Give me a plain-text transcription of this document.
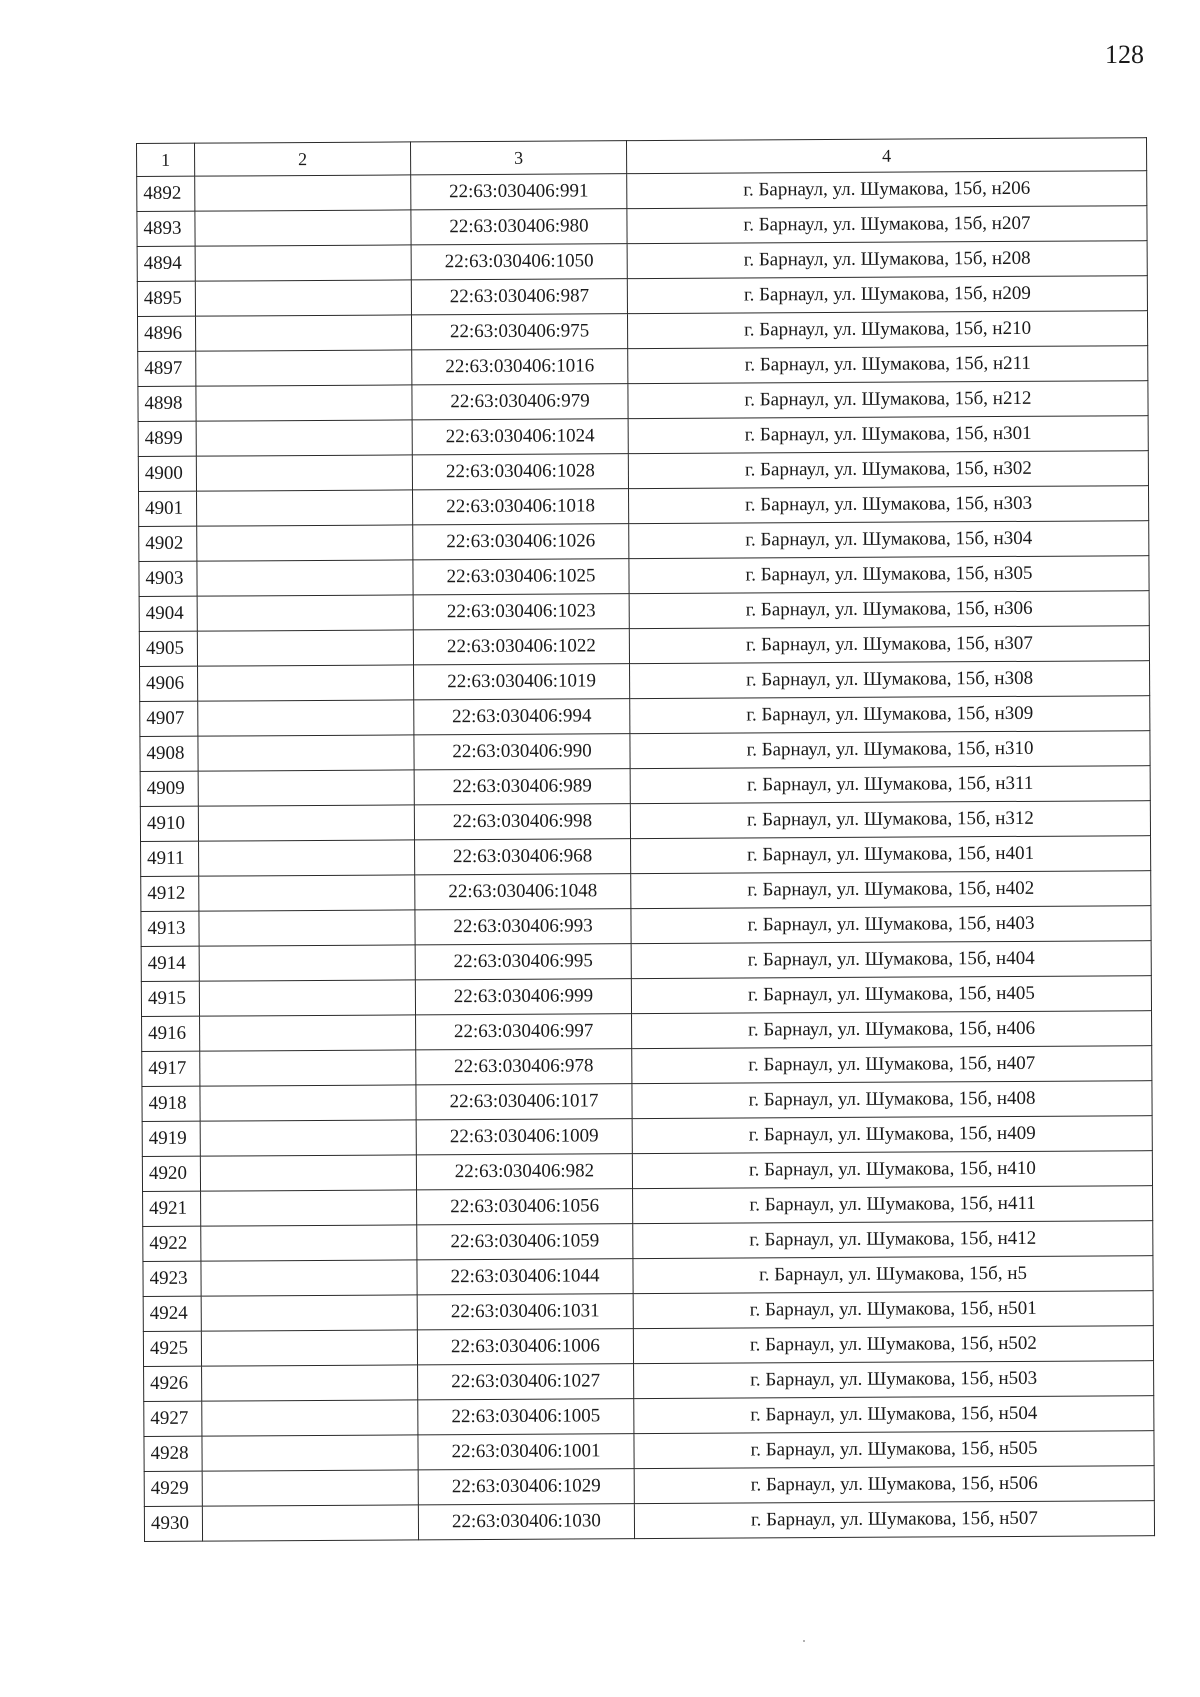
128
1	2	3	4
4892		22:63:030406:991	г. Барнаул, ул. Шумакова, 15б, н206
4893		22:63:030406:980	г. Барнаул, ул. Шумакова, 15б, н207
4894		22:63:030406:1050	г. Барнаул, ул. Шумакова, 15б, н208
4895		22:63:030406:987	г. Барнаул, ул. Шумакова, 15б, н209
4896		22:63:030406:975	г. Барнаул, ул. Шумакова, 15б, н210
4897		22:63:030406:1016	г. Барнаул, ул. Шумакова, 15б, н211
4898		22:63:030406:979	г. Барнаул, ул. Шумакова, 15б, н212
4899		22:63:030406:1024	г. Барнаул, ул. Шумакова, 15б, н301
4900		22:63:030406:1028	г. Барнаул, ул. Шумакова, 15б, н302
4901		22:63:030406:1018	г. Барнаул, ул. Шумакова, 15б, н303
4902		22:63:030406:1026	г. Барнаул, ул. Шумакова, 15б, н304
4903		22:63:030406:1025	г. Барнаул, ул. Шумакова, 15б, н305
4904		22:63:030406:1023	г. Барнаул, ул. Шумакова, 15б, н306
4905		22:63:030406:1022	г. Барнаул, ул. Шумакова, 15б, н307
4906		22:63:030406:1019	г. Барнаул, ул. Шумакова, 15б, н308
4907		22:63:030406:994	г. Барнаул, ул. Шумакова, 15б, н309
4908		22:63:030406:990	г. Барнаул, ул. Шумакова, 15б, н310
4909		22:63:030406:989	г. Барнаул, ул. Шумакова, 15б, н311
4910		22:63:030406:998	г. Барнаул, ул. Шумакова, 15б, н312
4911		22:63:030406:968	г. Барнаул, ул. Шумакова, 15б, н401
4912		22:63:030406:1048	г. Барнаул, ул. Шумакова, 15б, н402
4913		22:63:030406:993	г. Барнаул, ул. Шумакова, 15б, н403
4914		22:63:030406:995	г. Барнаул, ул. Шумакова, 15б, н404
4915		22:63:030406:999	г. Барнаул, ул. Шумакова, 15б, н405
4916		22:63:030406:997	г. Барнаул, ул. Шумакова, 15б, н406
4917		22:63:030406:978	г. Барнаул, ул. Шумакова, 15б, н407
4918		22:63:030406:1017	г. Барнаул, ул. Шумакова, 15б, н408
4919		22:63:030406:1009	г. Барнаул, ул. Шумакова, 15б, н409
4920		22:63:030406:982	г. Барнаул, ул. Шумакова, 15б, н410
4921		22:63:030406:1056	г. Барнаул, ул. Шумакова, 15б, н411
4922		22:63:030406:1059	г. Барнаул, ул. Шумакова, 15б, н412
4923		22:63:030406:1044	г. Барнаул, ул. Шумакова, 15б, н5
4924		22:63:030406:1031	г. Барнаул, ул. Шумакова, 15б, н501
4925		22:63:030406:1006	г. Барнаул, ул. Шумакова, 15б, н502
4926		22:63:030406:1027	г. Барнаул, ул. Шумакова, 15б, н503
4927		22:63:030406:1005	г. Барнаул, ул. Шумакова, 15б, н504
4928		22:63:030406:1001	г. Барнаул, ул. Шумакова, 15б, н505
4929		22:63:030406:1029	г. Барнаул, ул. Шумакова, 15б, н506
4930		22:63:030406:1030	г. Барнаул, ул. Шумакова, 15б, н507
